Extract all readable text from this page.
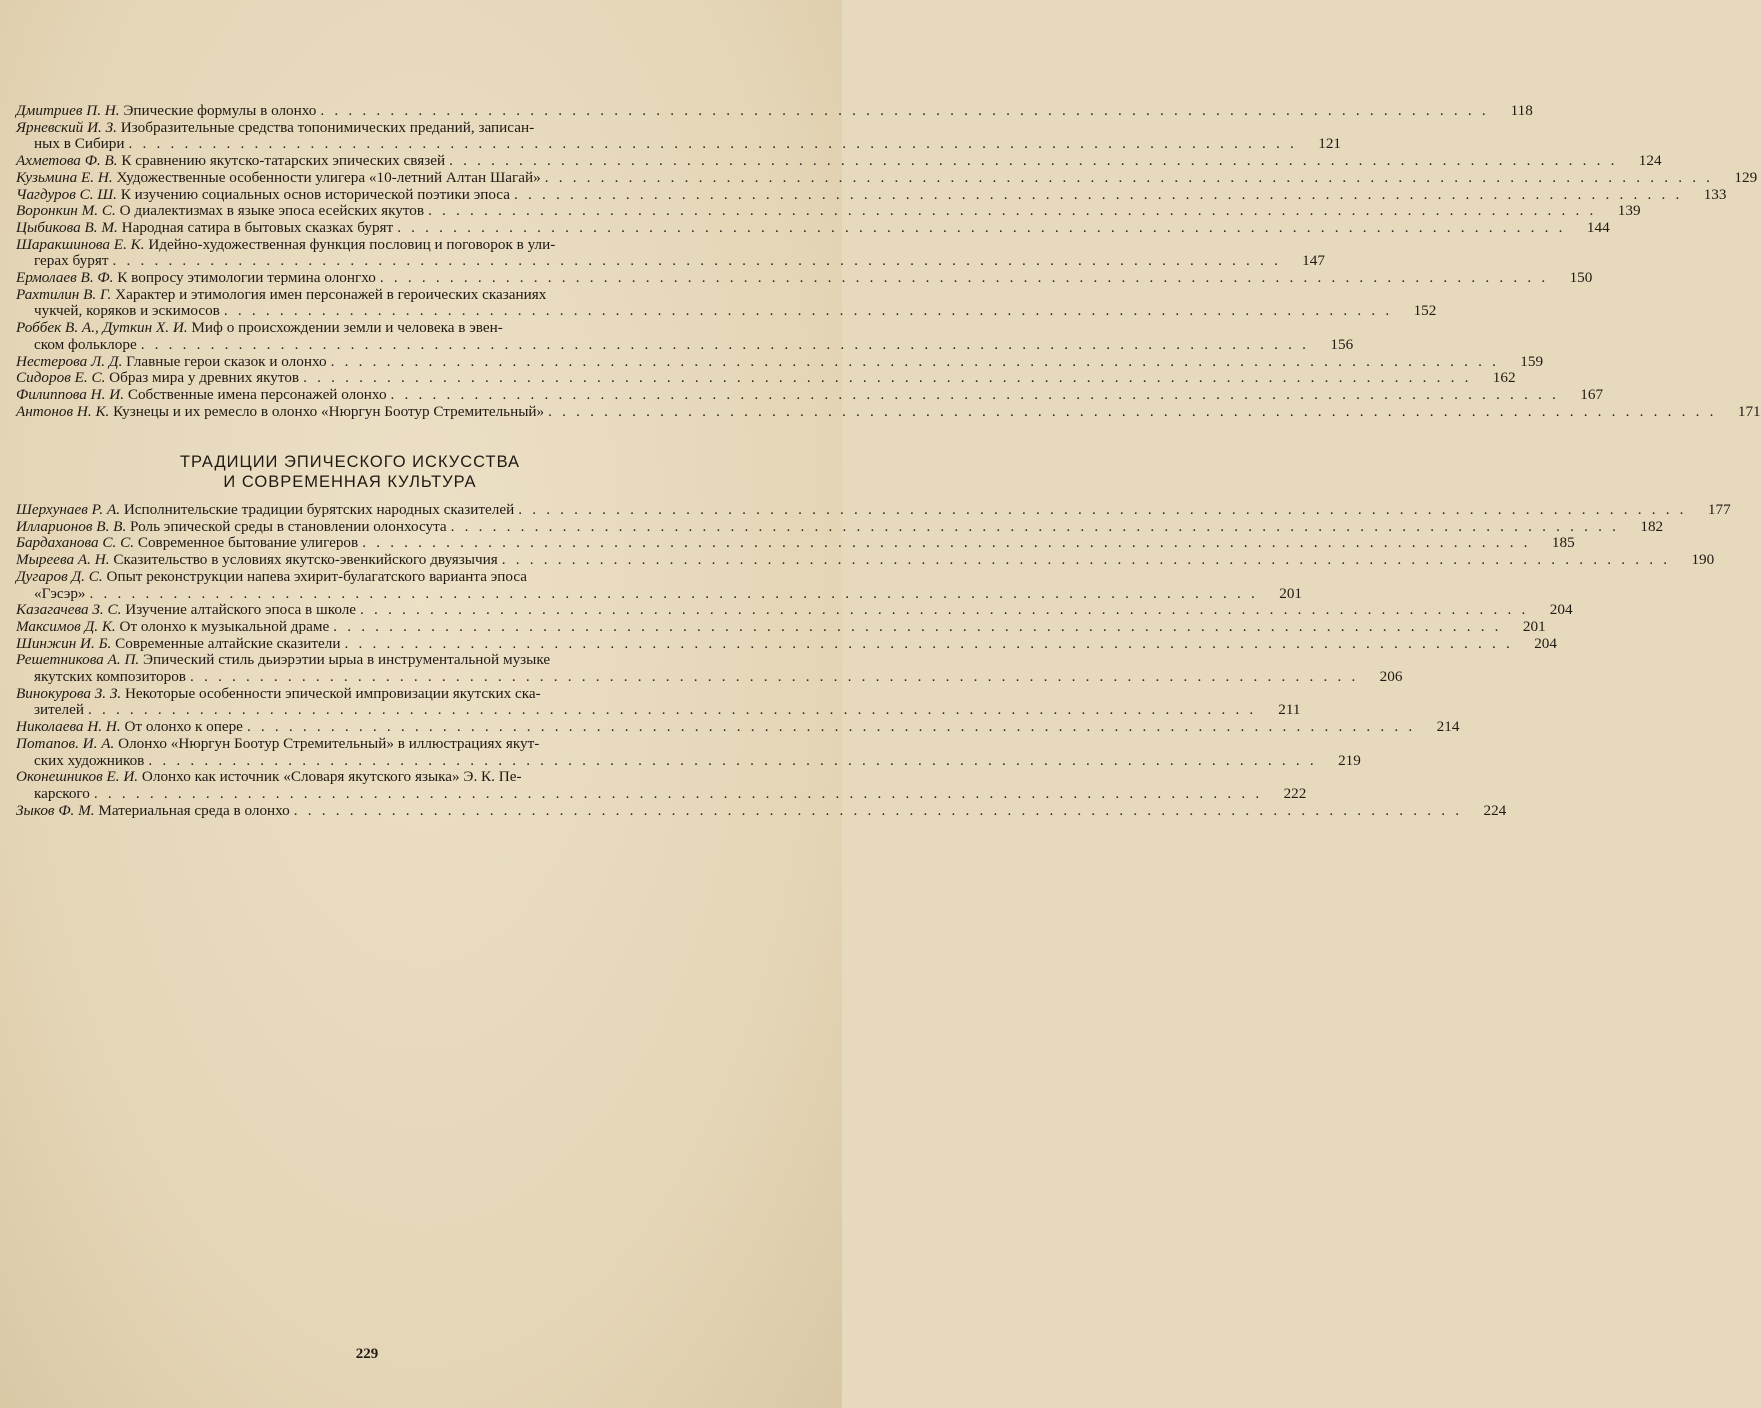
Дмитриев П. Н. Эпические формулы в олонхо . . .	118
Ярневский И. З. Изобразительные средства топонимических преданий, записан-
ных в Сибири . . .	121
Ахметова Ф. В. К сравнению якутско-татарских эпических связей . . .	124
Кузьмина Е. Н. Художественные особенности улигера «10-летний Алтан Шагай» . . .	129
Чагдуров С. Ш. К изучению социальных основ исторической поэтики эпоса . . .	133
Воронкин М. С. О диалектизмах в языке эпоса есейских якутов . . .	139
Цыбикова В. М. Народная сатира в бытовых сказках бурят . . .	144
Шаракшинова Е. К. Идейно-художественная функция пословиц и поговорок в ули-
герах бурят . . .	147
Ермолаев В. Ф. К вопросу этимологии термина олонгхо . . .	150
Рахтилин В. Г. Характер и этимология имен персонажей в героических сказаниях
чукчей, коряков и эскимосов . . .	152
Роббек В. А., Дуткин Х. И. Миф о происхождении земли и человека в эвен-
ском фольклоре . . .	156
Нестерова Л. Д. Главные герои сказок и олонхо . . .	159
Сидоров Е. С. Образ мира у древних якутов . . .	162
Филиппова Н. И. Собственные имена персонажей олонхо . . .	167
Антонов Н. К. Кузнецы и их ремесло в олонхо «Нюргун Боотур Стремительный» . . .	171
ТРАДИЦИИ ЭПИЧЕСКОГО ИСКУССТВА
И СОВРЕМЕННАЯ КУЛЬТУРА
Шерхунаев Р. А. Исполнительские традиции бурятских народных сказителей . . .	177
Илларионов В. В. Роль эпической среды в становлении олонхосута . . .	182
Бардаханова С. С. Современное бытование улигеров . . .	185
Мыреева А. Н. Сказительство в условиях якутско-эвенкийского двуязычия . . .	190
Дугаров Д. С. Опыт реконструкции напева эхирит-булагатского варианта эпоса
«Гэсэр» . . .	201
Казагачева З. С. Изучение алтайского эпоса в школе . . .	204
Максимов Д. К. От олонхо к музыкальной драме . . .	201
Шинжин И. Б. Современные алтайские сказители . . .	204
Решетникова А. П. Эпический стиль дьиэрэтии ырыа в инструментальной музыке
якутских композиторов . . .	206
Винокурова З. З. Некоторые особенности эпической импровизации якутских ска-
зителей . . .	211
Николаева Н. Н. От олонхо к опере . . .	214
Потапов. И. А. Олонхо «Нюргун Боотур Стремительный» в иллюстрациях якут-
ских художников . . .	219
Оконешников Е. И. Олонхо как источник «Словаря якутского языка» Э. К. Пе-
карского . . .	222
Зыков Ф. М. Материальная среда в олонхо . . .	224
229
